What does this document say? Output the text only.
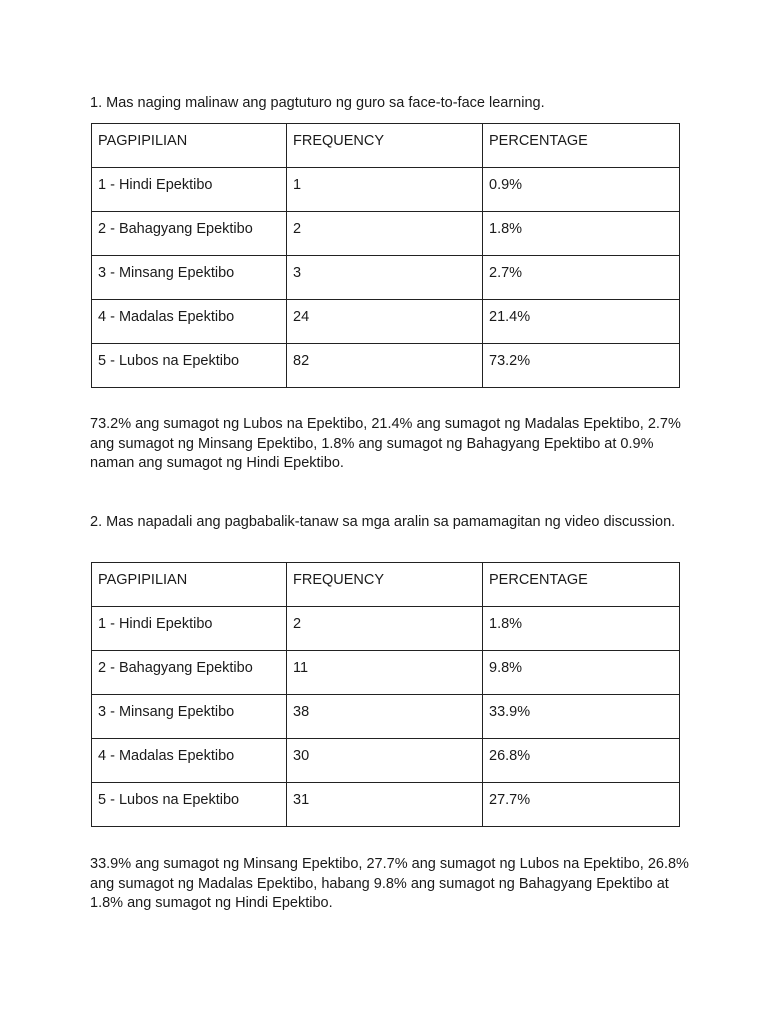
1. Mas naging malinaw ang pagtuturo ng guro sa face-to-face learning.

PAGPIPILIAN	FREQUENCY	PERCENTAGE
1 - Hindi Epektibo	1	0.9%
2 - Bahagyang Epektibo	2	1.8%
3 - Minsang Epektibo	3	2.7%
4 - Madalas Epektibo	24	21.4%
5 - Lubos na Epektibo	82	73.2%

73.2% ang sumagot ng Lubos na Epektibo, 21.4% ang sumagot ng Madalas Epektibo, 2.7% ang sumagot ng Minsang Epektibo, 1.8% ang sumagot ng Bahagyang Epektibo at 0.9% naman ang sumagot ng Hindi Epektibo.

2. Mas napadali ang pagbabalik-tanaw sa mga aralin sa pamamagitan ng video discussion.

PAGPIPILIAN	FREQUENCY	PERCENTAGE
1 - Hindi Epektibo	2	1.8%
2 - Bahagyang Epektibo	11	9.8%
3 - Minsang Epektibo	38	33.9%
4 - Madalas Epektibo	30	26.8%
5 - Lubos na Epektibo	31	27.7%

33.9% ang sumagot ng Minsang Epektibo, 27.7% ang sumagot ng Lubos na Epektibo, 26.8% ang sumagot ng Madalas Epektibo, habang 9.8% ang sumagot ng Bahagyang Epektibo at 1.8% ang sumagot ng Hindi Epektibo.
